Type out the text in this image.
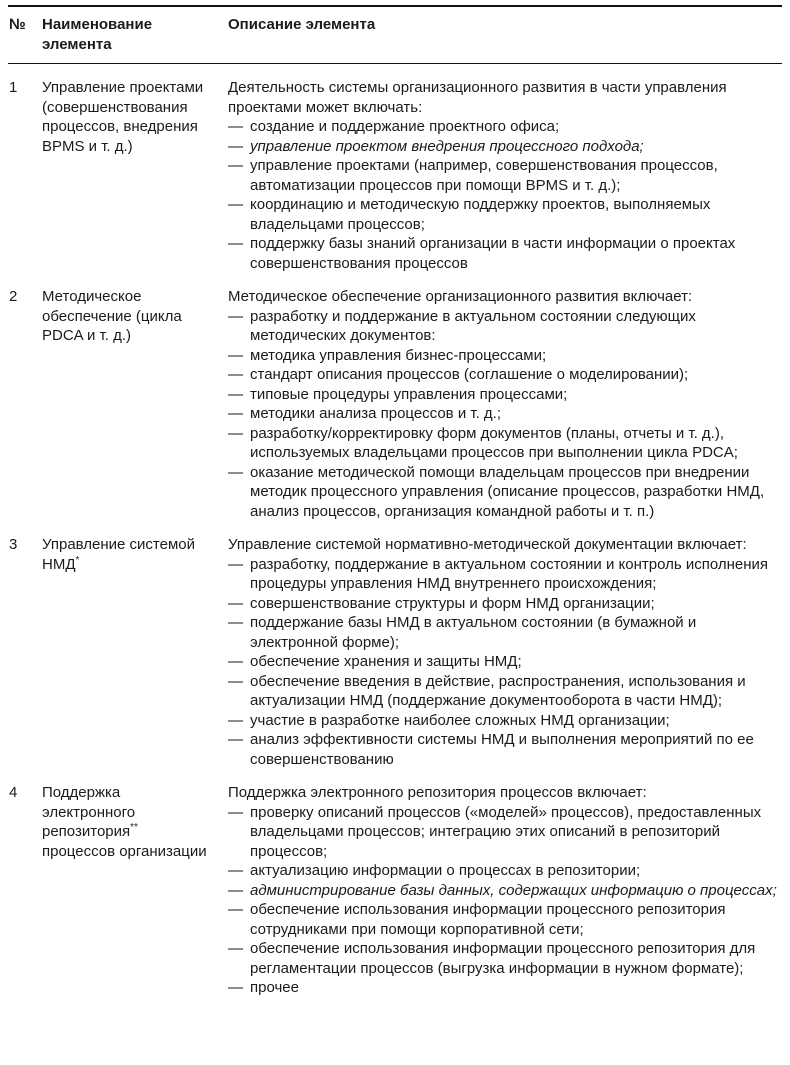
№	Наименование элемента
Описание элемента
1	Управление проектами (совершенствования процессов, внедрения BPMS и т. д.)

Деятельность системы организационного развития в части управления проектами может включать:

— создание и поддержание проектного офиса;
— управление проектом внедрения процессного подхода;
— управление проектами (например, совершенствования процессов, автоматизации процессов при помощи BPMS и т. д.);
— координацию и методическую поддержку проектов, выполняемых владельцами процессов;
— поддержку базы знаний организации в части информации о проектах совершенствования процессов
2	Методическое обеспечение (цикла PDCA и т. д.)

Методическое обеспечение организационного развития включает:

— разработку и поддержание в актуальном состоянии следующих методических документов:
— методика управления бизнес-процессами;
— стандарт описания процессов (соглашение о моделировании);
— типовые процедуры управления процессами;
— методики анализа процессов и т. д.;
— разработку/корректировку форм документов (планы, отчеты и т. д.), используемых владельцами процессов при выполнении цикла PDCA;
— оказание методической помощи владельцам процессов при внедрении методик процессного управления (описание процессов, разработки НМД, анализ процессов, организация командной работы и т. п.)
3	Управление системой НМД*

Управление системой нормативно-методической документации включает:

— разработку, поддержание в актуальном состоянии и контроль исполнения процедуры управления НМД внутреннего происхождения;
— совершенствование структуры и форм НМД организации;
— поддержание базы НМД в актуальном состоянии (в бумажной и электронной форме);
— обеспечение хранения и защиты НМД;
— обеспечение введения в действие, распространения, использования и актуализации НМД (поддержание документооборота в части НМД);
— участие в разработке наиболее сложных НМД организации;
— анализ эффективности системы НМД и выполнения мероприятий по ее совершенствованию
4	Поддержка электронного репозитория** процессов организации

Поддержка электронного репозитория процессов включает:

— проверку описаний процессов («моделей» процессов), предоставленных владельцами процессов; интеграцию этих описаний в репозиторий процессов;
— актуализацию информации о процессах в репозитории;
— администрирование базы данных, содержащих информацию о процессах;
— обеспечение использования информации процессного репозитория сотрудниками при помощи корпоративной сети;
— обеспечение использования информации процессного репозитория для регламентации процессов (выгрузка информации в нужном формате);
— прочее
